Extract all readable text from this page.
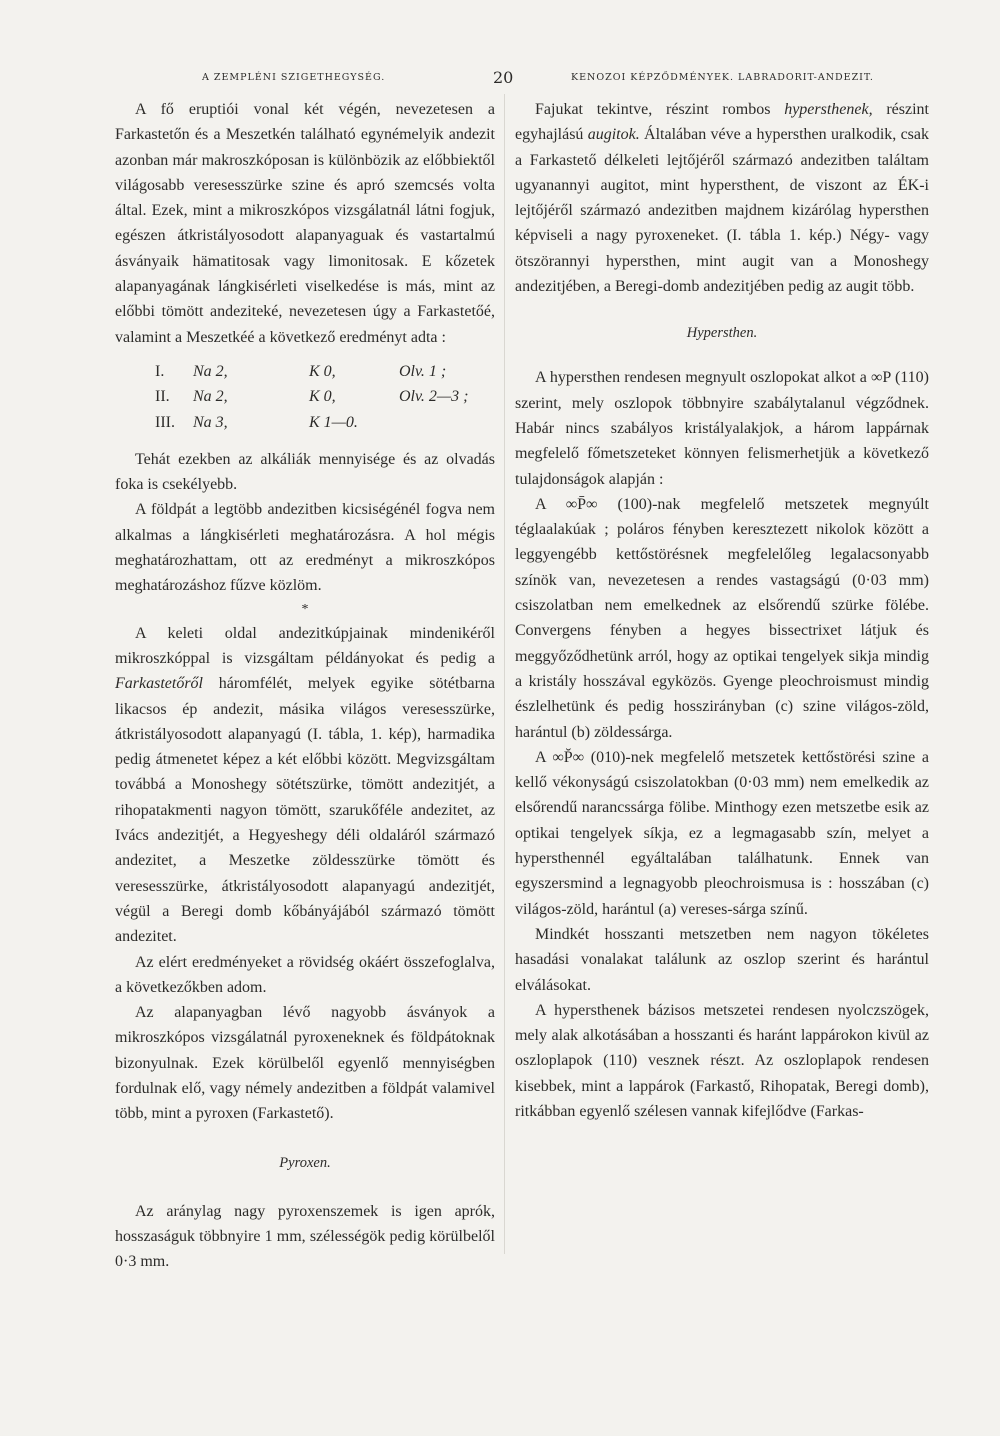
A ZEMPLÉNI SZIGETHEGYSÉG.	20	KENOZOI KÉPZŐDMÉNYEK. LABRADORIT-ANDEZIT.

A fő eruptiói vonal két végén, nevezetesen a Farkastetőn és a Meszetkén található egynémelyik andezit azonban már makroszkóposan is különbözik az előbbiektől világosabb veresesszürke szine és apró szemcsés volta által. Ezek, mint a mikroszkópos vizsgálatnál látni fogjuk, egészen átkristályosodott alapanyaguak és vastartalmú ásványaik hämatitosak vagy limonitosak. E kőzetek alapanyagának lángkisérleti viselkedése is más, mint az előbbi tömött andeziteké, nevezetesen úgy a Farkastetőé, valamint a Meszetkéé a következő eredményt adta :

I.	Na 2,	K 0,	Olv. 1 ;
II.	Na 2,	K 0,	Olv. 2—3 ;
III.	Na 3,	K 1—0.

Tehát ezekben az alkáliák mennyisége és az olvadás foka is csekélyebb.

A földpát a legtöbb andezitben kicsiségénél fogva nem alkalmas a lángkisérleti meghatározásra. A hol mégis meghatározhattam, ott az eredményt a mikroszkópos meghatározáshoz fűzve közlöm.

*

A keleti oldal andezitkúpjainak mindenikéről mikroszkóppal is vizsgáltam példányokat és pedig a Farkastetőről háromfélét, melyek egyike sötétbarna likacsos ép andezit, másika világos veresesszürke, átkristályosodott alapanyagú (I. tábla, 1. kép), harmadika pedig átmenetet képez a két előbbi között. Megvizsgáltam továbbá a Monoshegy sötétszürke, tömött andezitjét, a rihopatakmenti nagyon tömött, szarukőféle andezitet, az Ivács andezitjét, a Hegyeshegy déli oldaláról származó andezitet, a Meszetke zöldesszürke tömött és veresesszürke, átkristályosodott alapanyagú andezitjét, végül a Beregi domb kőbányájából származó tömött andezitet.

Az elért eredményeket a rövidség okáért összefoglalva, a következőkben adom.

Az alapanyagban lévő nagyobb ásványok a mikroszkópos vizsgálatnál pyroxeneknek és földpátoknak bizonyulnak. Ezek körülbelől egyenlő mennyiségben fordulnak elő, vagy némely andezitben a földpát valamivel több, mint a pyroxen (Farkastető).

Pyroxen.

Az aránylag nagy pyroxenszemek is igen aprók, hosszaságuk többnyire 1 mm, szélességök pedig körülbelől 0·3 mm.

Fajukat tekintve, részint rombos hypersthenek, részint egyhajlású augitok. Általában véve a hypersthen uralkodik, csak a Farkastető délkeleti lejtőjéről származó andezitben találtam ugyanannyi augitot, mint hypersthent, de viszont az ÉK-i lejtőjéről származó andezitben majdnem kizárólag hypersthen képviseli a nagy pyroxeneket. (I. tábla 1. kép.) Négy- vagy ötszörannyi hypersthen, mint augit van a Monoshegy andezitjében, a Beregi-domb andezitjében pedig az augit több.

Hypersthen.

A hypersthen rendesen megnyult oszlopokat alkot a ∞P (110) szerint, mely oszlopok többnyire szabálytalanul végződnek. Habár nincs szabályos kristályalakjok, a három lappárnak megfelelő főmetszeteket könnyen felismerhetjük a következő tulajdonságok alapján :

A ∞P̄∞ (100)-nak megfelelő metszetek megnyúlt téglaalakúak ; poláros fényben keresztezett nikolok között a leggyengébb kettőstörésnek megfelelőleg legalacsonyabb színök van, nevezetesen a rendes vastagságú (0·03 mm) csiszolatban nem emelkednek az elsőrendű szürke fölébe. Convergens fényben a hegyes bissectrixet látjuk és meggyőződhetünk arról, hogy az optikai tengelyek sikja mindig a kristály hosszával egyközös. Gyenge pleochroismust mindig észlelhetünk és pedig hosszirányban (c) szine világos-zöld, harántul (b) zöldessárga.

A ∞P̆∞ (010)-nek megfelelő metszetek kettőstörési szine a kellő vékonyságú csiszolatokban (0·03 mm) nem emelkedik az elsőrendű narancssárga fölibe. Minthogy ezen metszetbe esik az optikai tengelyek síkja, ez a legmagasabb szín, melyet a hypersthennél egyáltalában találhatunk. Ennek van egyszersmind a legnagyobb pleochroismusa is : hosszában (c) világos-zöld, harántul (a) vereses-sárga színű.

Mindkét hosszanti metszetben nem nagyon tökéletes hasadási vonalakat találunk az oszlop szerint és harántul elválásokat.

A hypersthenek bázisos metszetei rendesen nyolczszögek, mely alak alkotásában a hosszanti és haránt lappárokon kivül az oszloplapok (110) vesznek részt. Az oszloplapok rendesen kisebbek, mint a lappárok (Farkastő, Rihopatak, Beregi domb), ritkábban egyenlő szélesen vannak kifejlődve (Farkas-
